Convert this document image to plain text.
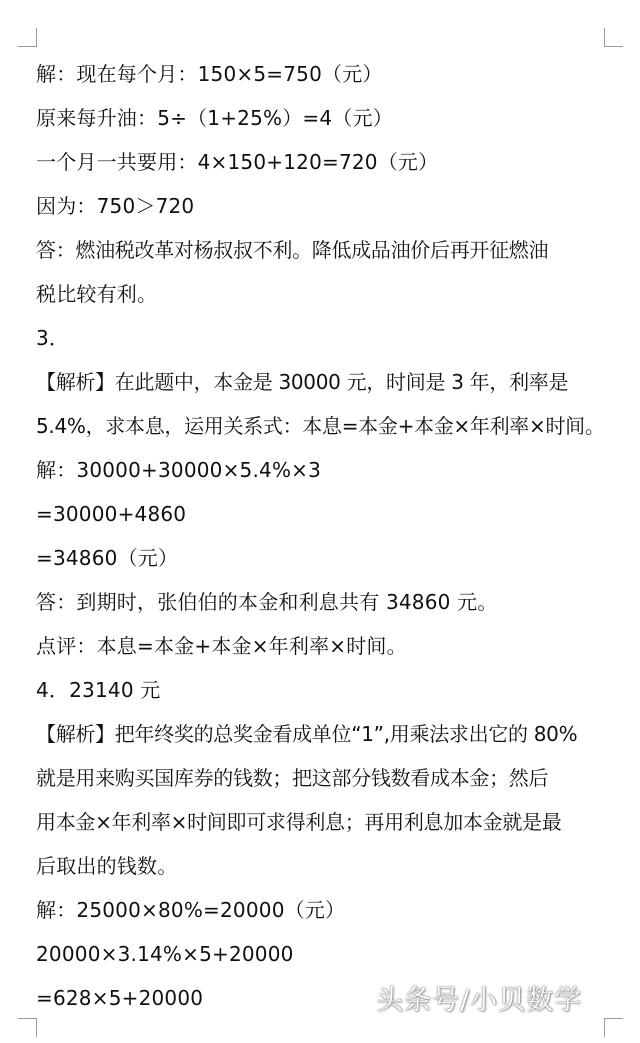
解：现在每个月：150×5=750（元）
原来每升油：5÷（1+25%）=4（元）
一个月一共要用：4×150+120=720（元）
因为：750＞720
答：燃油税改革对杨叔叔不利。降低成品油价后再开征燃油
税比较有利。
3．
【解析】在此题中，本金是 30000 元，时间是 3 年，利率是
5.4%，求本息，运用关系式：本息=本金+本金×年利率×时间。
解：30000+30000×5.4%×3
=30000+4860
=34860（元）
答：到期时，张伯伯的本金和利息共有 34860 元。
点评：本息=本金+本金×年利率×时间。
4．23140 元
【解析】把年终奖的总奖金看成单位“1”,用乘法求出它的 80%
就是用来购买国库券的钱数；把这部分钱数看成本金；然后
用本金×年利率×时间即可求得利息；再用利息加本金就是最
后取出的钱数。
解：25000×80%=20000（元）
20000×3.14%×5+20000
=628×5+20000	头条号/小贝数学
